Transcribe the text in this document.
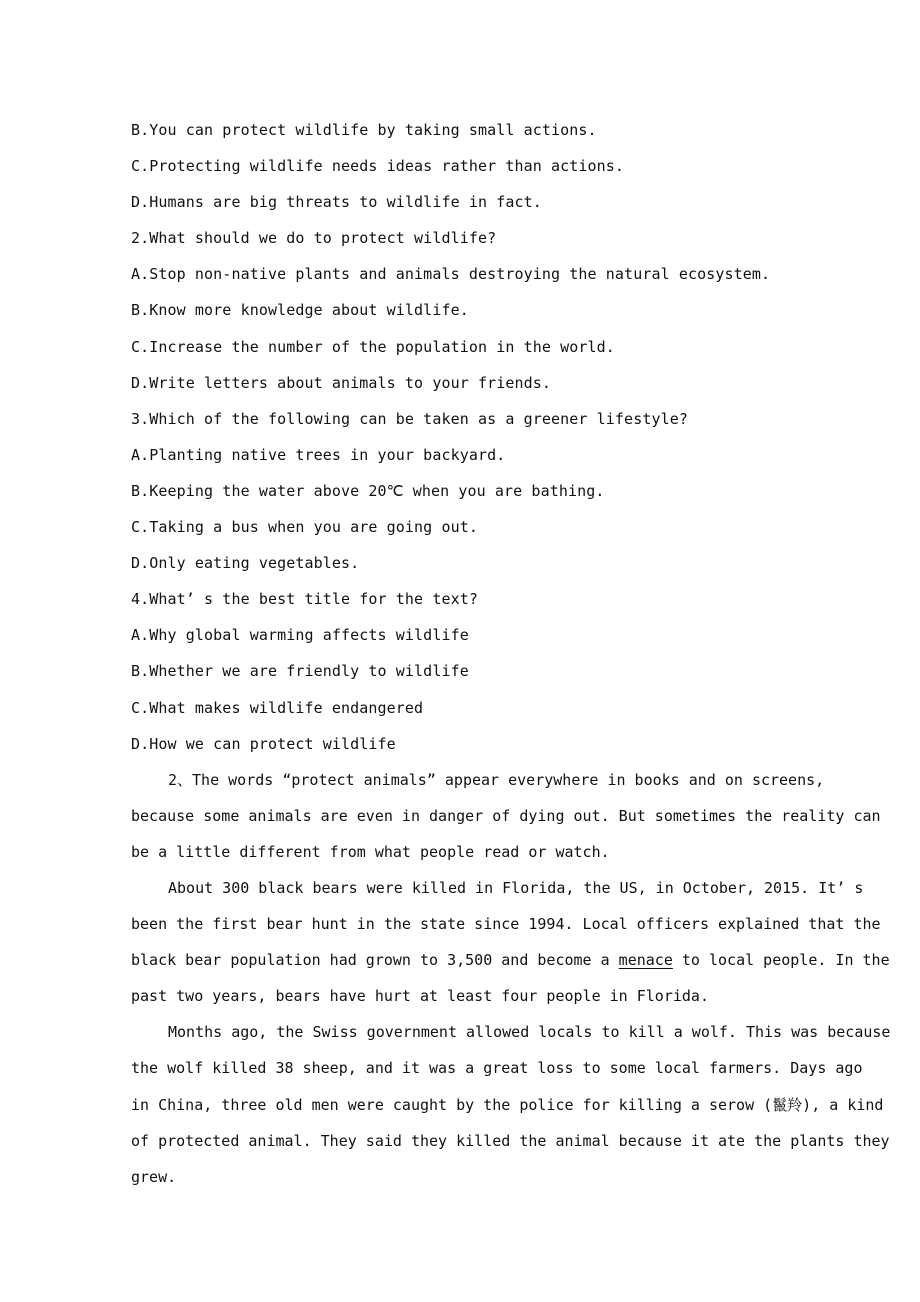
B.You can protect wildlife by taking small actions.
C.Protecting wildlife needs ideas rather than actions.
D.Humans are big threats to wildlife in fact.
2.What should we do to protect wildlife?
A.Stop non-native plants and animals destroying the natural ecosystem.
B.Know more knowledge about wildlife.
C.Increase the number of the population in the world.
D.Write letters about animals to your friends.
3.Which of the following can be taken as a greener lifestyle?
A.Planting native trees in your backyard.
B.Keeping the water above 20℃ when you are bathing.
C.Taking a bus when you are going out.
D.Only eating vegetables.
4.What’ s the best title for the text?
A.Why global warming affects wildlife
B.Whether we are friendly to wildlife
C.What makes wildlife endangered
D.How we can protect wildlife
2、The words “protect animals” appear everywhere in books and on screens,
because some animals are even in danger of dying out. But sometimes the reality can
be a little different from what people read or watch.
About 300 black bears were killed in Florida, the US, in October, 2015. It’ s
been the first bear hunt in the state since 1994. Local officers explained that the
black bear population had grown to 3,500 and become a menace to local people. In the
past two years, bears have hurt at least four people in Florida.
Months ago, the Swiss government allowed locals to kill a wolf. This was because
the wolf killed 38 sheep, and it was a great loss to some local farmers. Days ago
in China, three old men were caught by the police for killing a serow (鬣羚), a kind
of protected animal. They said they killed the animal because it ate the plants they
grew.
